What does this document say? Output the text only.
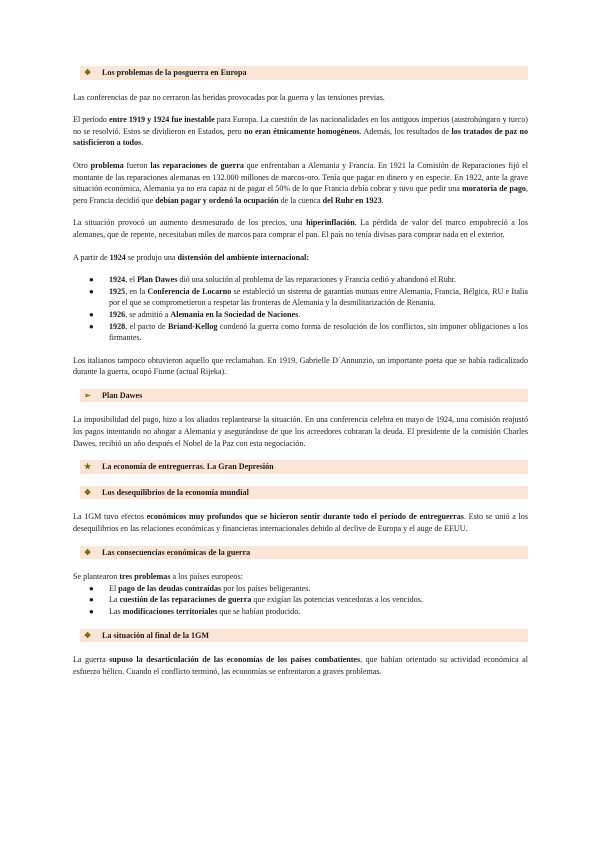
❖ Los problemas de la posguerra en Europa

Las conferencias de paz no cerraron las heridas provocadas por la guerra y las tensiones previas.

El período entre 1919 y 1924 fue inestable para Europa. La cuestión de las nacionalidades en los antiguos imperios (austrohúngaro y turco) no se resolvió. Estos se dividieron en Estados, pero no eran étnicamente homogéneos. Además, los resultados de los tratados de paz no satisficieron a todos.

Otro problema fueron las reparaciones de guerra que enfrentaban a Alemania y Francia. En 1921 la Comisión de Reparaciones fijó el montante de las reparaciones alemanas en 132.000 millones de marcos-oro. Tenía que pagar en dinero y en especie. En 1922, ante la grave situación económica, Alemania ya no era capaz ni de pagar el 50% de lo que Francia debía cobrar y tuvo que pedir una moratoria de pago, pero Francia decidió que debían pagar y ordenó la ocupación de la cuenca del Ruhr en 1923.

La situación provocó un aumento desmesurado de los precios, una hiperinflación. La pérdida de valor del marco empobreció a los alemanes, que de repente, necesitaban miles de marcos para comprar el pan. El país no tenía divisas para comprar nada en el exterior.

A partir de 1924 se produjo una distensión del ambiente internacional:

● 1924, el Plan Dawes dió una solución al problema de las reparaciones y Francia cedió y abandonó el Ruhr.
● 1925, en la Conferencia de Locarno se estableció un sistema de garantías mutuas entre Alemania, Francia, Bélgica, RU e Italia por el que se comprometieron a respetar las fronteras de Alemania y la desmilitarización de Renania.
● 1926, se admitió a Alemania en la Sociedad de Naciones.
● 1928, el pacto de Briand-Kellog condenó la guerra como forma de resolución de los conflictos, sin imponer obligaciones a los firmantes.

Los italianos tampoco obtuvieron aquello que reclamaban. En 1919, Gabrielle D´Annunzio, un importante poeta que se había radicalizado durante la guerra, ocupó Fiume (actual Rijeka).

➢ Plan Dawes

La imposibilidad del pago, hizo a los aliados replantearse la situación. En una conferencia celebra en mayo de 1924, una comisión reajustó los pagos intentando no ahogar a Alemania y asegurándose de que los acreedores cobraran la deuda. El presidente de la comisión Charles Dawes, recibió un año después el Nobel de la Paz con esta negociación.

★ La economía de entreguerras. La Gran Depresión
❖ Los desequilibrios de la economía mundial

La 1GM tuvo efectos económicos muy profundos que se hicieron sentir durante todo el período de entreguerras. Esto se unió a los desequilibrios en las relaciones económicas y financieras internacionales debido al declive de Europa y el auge de EEUU.

❖ Las consecuencias económicas de la guerra

Se plantearon tres problemas a los países europeos:

● El pago de las deudas contraídas por los países beligerantes.
● La cuestión de las reparaciones de guerra que exigían las potencias vencedoras a los vencidos.
● Las modificaciones territoriales que se habían producido.
❖ La situación al final de la 1GM

La guerra supuso la desarticulación de las economías de los países combatientes, que habían orientado su actividad económica al esfuerzo bélico. Cuando el conflicto terminó, las economías se enfrentaron a graves problemas.
